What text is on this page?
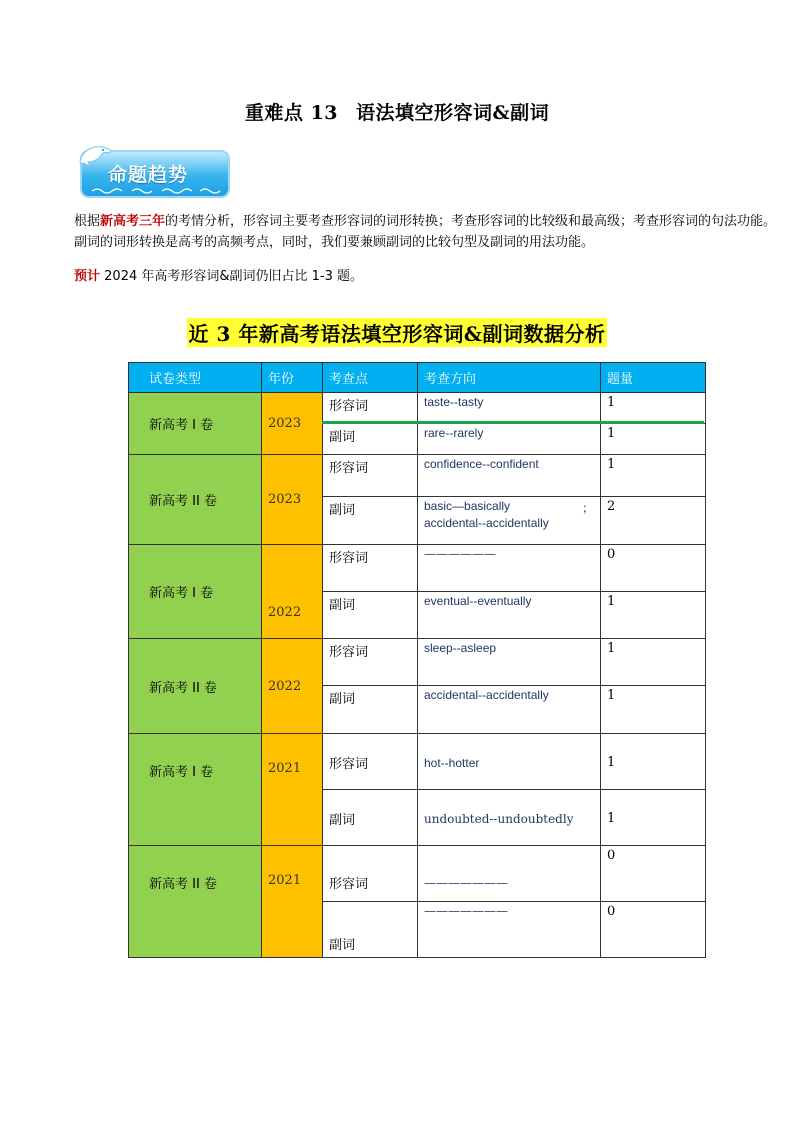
重难点 13 语法填空形容词&副词
命题趋势
根据新高考三年的考情分析，形容词主要考查形容词的词形转换；考查形容词的比较级和最高级；考查形容词的句法功能。副词的词形转换是高考的高频考点，同时，我们要兼顾副词的比较句型及副词的用法功能。
预计 2024 年高考形容词&副词仍旧占比 1-3 题。
近 3 年新高考语法填空形容词&副词数据分析
试卷类型	年份	考查点	考查方向	题量
新高考 I 卷	2023	形容词	taste--tasty	1
		副词	rare--rarely	1
新高考 II 卷	2023	形容词	confidence--confident	1
		副词	basic—basically ；
accidental--accidentally	2
新高考 I 卷	2022	形容词	——————	0
		副词	eventual--eventually	1
新高考 II 卷	2022	形容词	sleep--asleep	1
		副词	accidental--accidentally	1
新高考 I 卷	2021	形容词	hot--hotter	1
		副词	undoubted--undoubtedly	1
新高考 II 卷	2021	形容词	———————	0
		副词	———————	0
